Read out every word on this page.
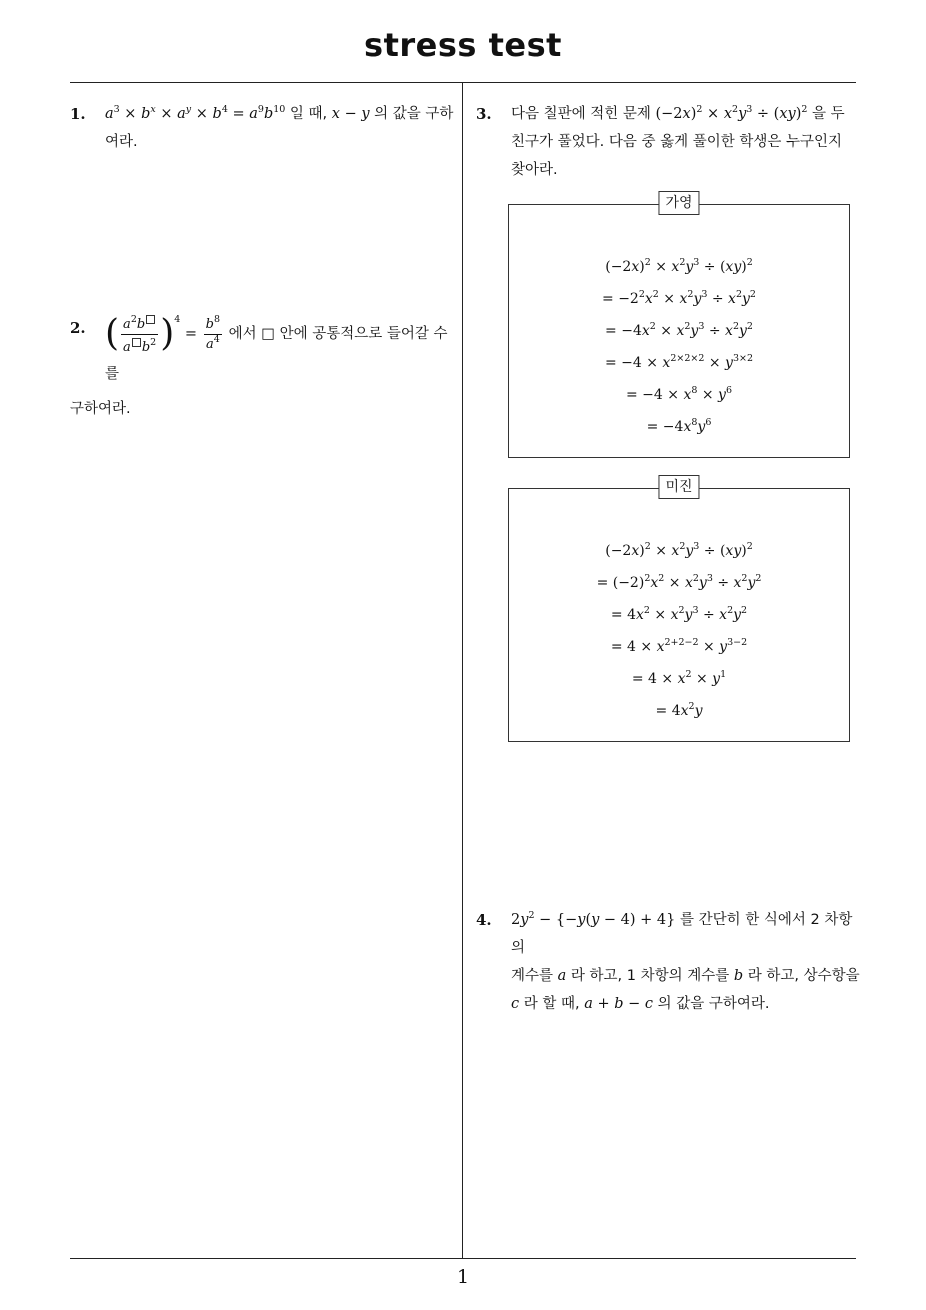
stress test
1. $a^3 \times b^x \times a^y \times b^4 = a^9b^{10}$ 일 때, x − y 의 값을 구하
여라.
2. ( $\frac{a^2b}{a b^2} )^4 = \frac{b^8}{a^4}$ 에서 □ 안에 공통적으로 들어갈 수를
구하여라.
3. 다음 칠판에 적힌 문제 $(-2x)^2 \times x^2y^3 \div (xy)^2$ 을 두
친구가 풀었다. 다음 중 옳게 풀이한 학생은 누구인지
찾아라.
가영
$(-2x)^2 \times x^2y^3 \div (xy)^2$
= $-2^2x^2 \times x^2y^3 \div x^2y^2$
= $-4x^2 \times x^2y^3 \div x^2y^2$
= $-4 \times x^{2\times 2\times 2} \times y^{3\times 2}$
= $-4 \times x^8 \times y^6$
= $-4x^8y^6$
미진
$(-2x)^2 \times x^2y^3 \div (xy)^2$
= $(-2)^2x^2 \times x^2y^3 \div x^2y^2$
= $4x^2 \times x^2y^3 \div x^2y^2$
= $4 \times x^{2+2-2} \times y^{3-2}$
= $4 \times x^2 \times y^1$
= $4x^2y$
4. $2y^2 - \{-y(y - 4) + 4\}$ 를 간단히 한 식에서 2 차항의
계수를 a 라 하고, 1 차항의 계수를 b 라 하고, 상수항을
c 라 할 때, a + b − c 의 값을 구하여라.
1
